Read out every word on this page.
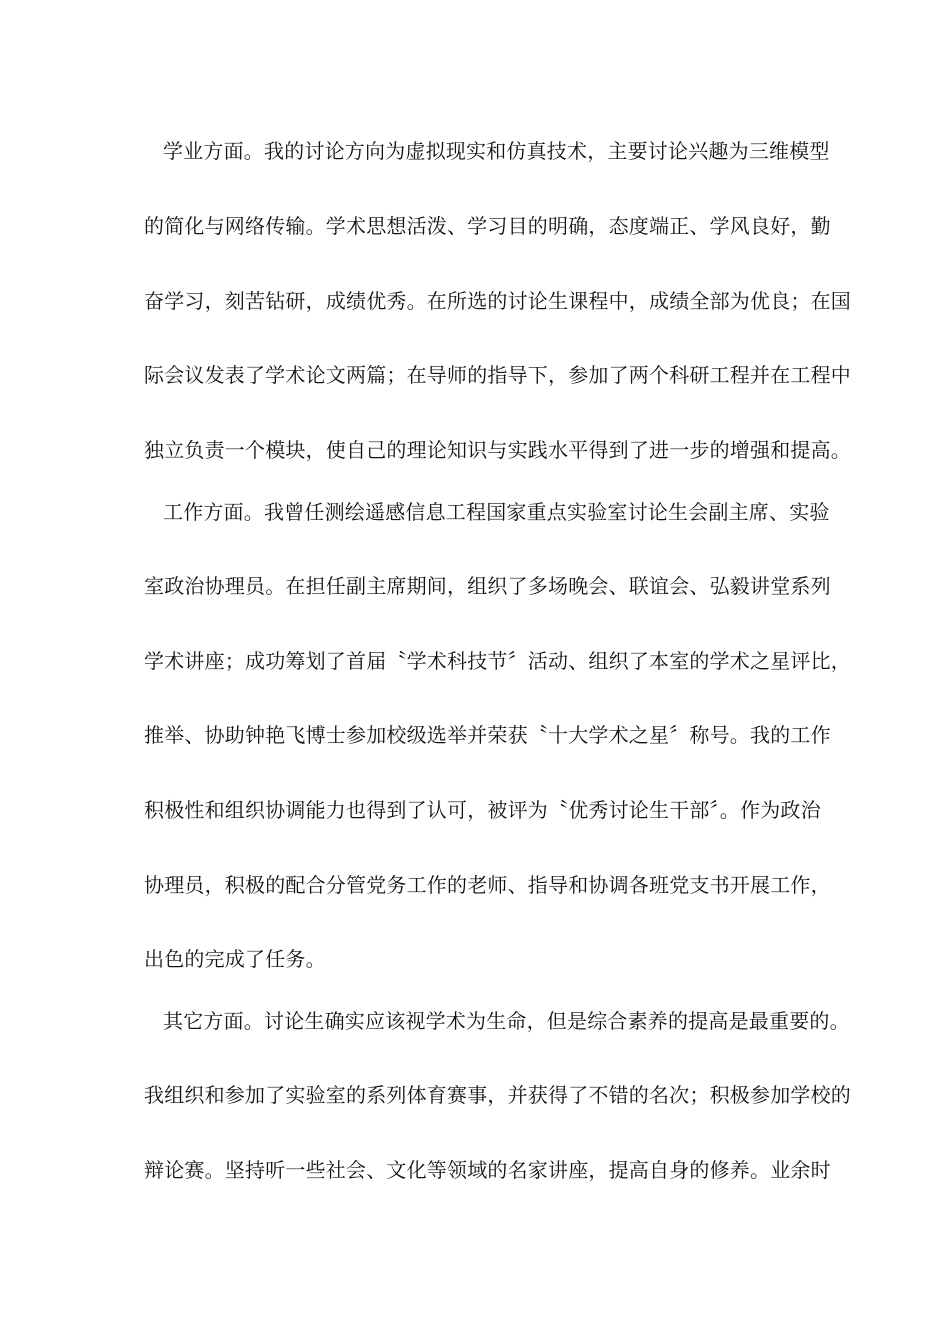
学业方面。我的讨论方向为虚拟现实和仿真技术，主要讨论兴趣为三维模型
的简化与网络传输。学术思想活泼、学习目的明确，态度端正、学风良好，勤
奋学习，刻苦钻研，成绩优秀。在所选的讨论生课程中，成绩全部为优良；在国
际会议发表了学术论文两篇；在导师的指导下，参加了两个科研工程并在工程中
独立负责一个模块，使自己的理论知识与实践水平得到了进一步的增强和提高。
工作方面。我曾任测绘遥感信息工程国家重点实验室讨论生会副主席、实验
室政治协理员。在担任副主席期间，组织了多场晚会、联谊会、弘毅讲堂系列
学术讲座；成功筹划了首届〝学术科技节〞活动、组织了本室的学术之星评比，
推举、协助钟艳飞博士参加校级选举并荣获〝十大学术之星〞称号。我的工作
积极性和组织协调能力也得到了认可，被评为〝优秀讨论生干部〞。作为政治
协理员，积极的配合分管党务工作的老师、指导和协调各班党支书开展工作，
出色的完成了任务。
其它方面。讨论生确实应该视学术为生命，但是综合素养的提高是最重要的。
我组织和参加了实验室的系列体育赛事，并获得了不错的名次；积极参加学校的
辩论赛。坚持听一些社会、文化等领域的名家讲座，提高自身的修养。业余时
